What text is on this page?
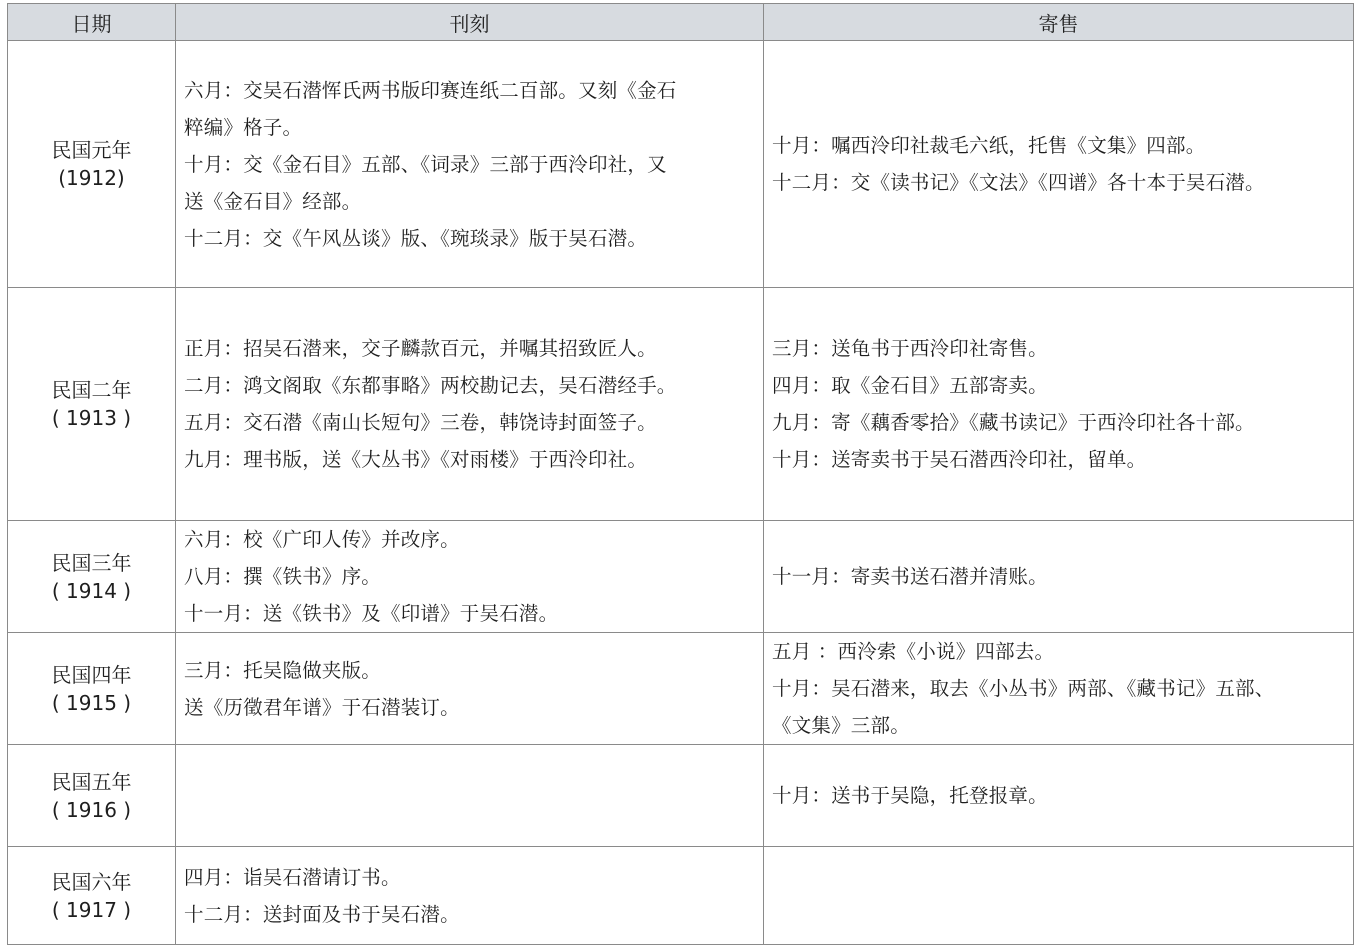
日期	刊刻	寄售

民国元年
(1912)	六月：交吴石潜恽氏两书版印赛连纸二百部。又刻《金石
粹编》格子。
十月：交《金石目》五部、《词录》三部于西泠印社，又
送《金石目》经部。
十二月：交《午风丛谈》版、《琬琰录》版于吴石潜。	十月：嘱西泠印社裁毛六纸，托售《文集》四部。
十二月：交《读书记》《文法》《四谱》各十本于吴石潜。

民国二年
( 1913 )	正月：招吴石潜来，交子麟款百元，并嘱其招致匠人。
二月：鸿文阁取《东都事略》两校勘记去，吴石潜经手。
五月：交石潜《南山长短句》三卷，韩饶诗封面签子。
九月：理书版，送《大丛书》《对雨楼》于西泠印社。	三月：送龟书于西泠印社寄售。
四月：取《金石目》五部寄卖。
九月：寄《藕香零拾》《藏书读记》于西泠印社各十部。
十月：送寄卖书于吴石潜西泠印社，留单。

民国三年
( 1914 )	六月：校《广印人传》并改序。
八月：撰《铁书》序。
十一月：送《铁书》及《印谱》于吴石潜。	十一月：寄卖书送石潜并清账。

民国四年
( 1915 )	三月：托吴隐做夹版。
送《历徵君年谱》于石潜装订。	五月 ：西泠索《小说》四部去。
十月：吴石潜来，取去《小丛书》两部、《藏书记》五部、
《文集》三部。

民国五年
( 1916 )		十月：送书于吴隐，托登报章。

民国六年
( 1917 )	四月：诣吴石潜请订书。
十二月：送封面及书于吴石潜。	
